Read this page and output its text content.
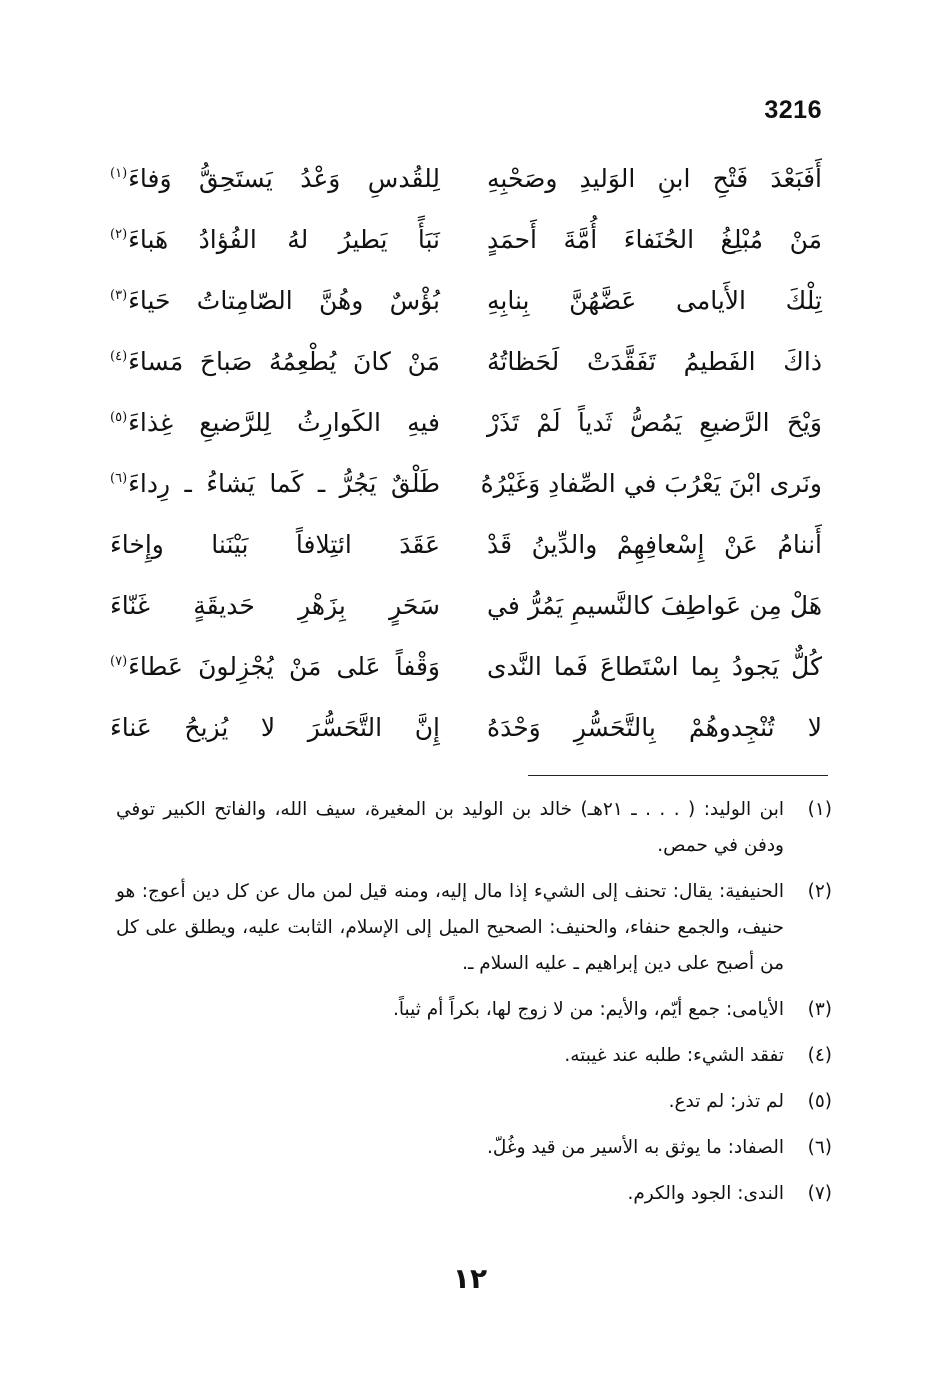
3216
أَفَبَعْدَ فَتْحِ ابنِ الوَليدِ وصَحْبِهِ
لِلقُدسِ وَعْدُ يَستَحِقُّ وَفاءَ$^{(١)}$
مَنْ مُبْلِغُ الحُنَفاءَ أُمَّةَ أَحمَدٍ
نَبَأً يَطيرُ لهُ الفُؤادُ هَباءَ$^{(٢)}$
تِلْكَ الأَيامى عَضَّهُنَّ بِنابِهِ
بُؤْسٌ وهُنَّ الصّامِتاتُ حَياءَ$^{(٣)}$
ذاكَ الفَطيمُ تَفَقَّدَتْ لَحَظاتُهُ
مَنْ كانَ يُطْعِمُهُ صَباحَ مَساءَ$^{(٤)}$
وَيْحَ الرَّضيعِ يَمُصُّ ثَدياً لَمْ تَذَرْ
فيهِ الكَوارِثُ لِلرَّضيعِ غِذاءَ$^{(٥)}$
ونَرى ابْنَ يَعْرُبَ في الصِّفادِ وَغَيْرُهُ
طَلْقٌ يَجُرُّ ـ كَما يَشاءُ ـ رِداءَ$^{(٦)}$
أَننامُ عَنْ إِسْعافِهِمْ والدِّينُ قَدْ
عَقَدَ ائتِلافاً بَيْنَنا وإِخاءَ
هَلْ مِن عَواطِفَ كالنَّسيمِ يَمُرُّ في
سَحَرٍ بِزَهْرِ حَديقَةٍ غَنّاءَ
كُلٌّ يَجودُ بِما اسْتَطاعَ فَما النَّدى
وَقْفاً عَلى مَنْ يُجْزِلونَ عَطاءَ$^{(٧)}$
لا تُنْجِدوهُمْ بِالتَّحَسُّرِ وَحْدَهُ
إِنَّ التَّحَسُّرَ لا يُزيحُ عَناءَ
(١)
ابن الوليد: ( . . . ـ ٢١هـ) خالد بن الوليد بن المغيرة، سيف الله، والفاتح الكبير توفي ودفن في حمص.
(٢)
الحنيفية: يقال: تحنف إلى الشيء إذا مال إليه، ومنه قيل لمن مال عن كل دين أعوج: هو حنيف، والجمع حنفاء، والحنيف: الصحيح الميل إلى الإسلام، الثابت عليه، ويطلق على كل من أصبح على دين إبراهيم ـ عليه السلام ـ.
(٣)
الأيامى: جمع أيّم، والأيم: من لا زوج لها، بكراً أم ثيباً.
(٤)
تفقد الشيء: طلبه عند غيبته.
(٥)
لم تذر: لم تدع.
(٦)
الصفاد: ما يوثق به الأسير من قيد وغُلّ.
(٧)
الندى: الجود والكرم.
١٢
